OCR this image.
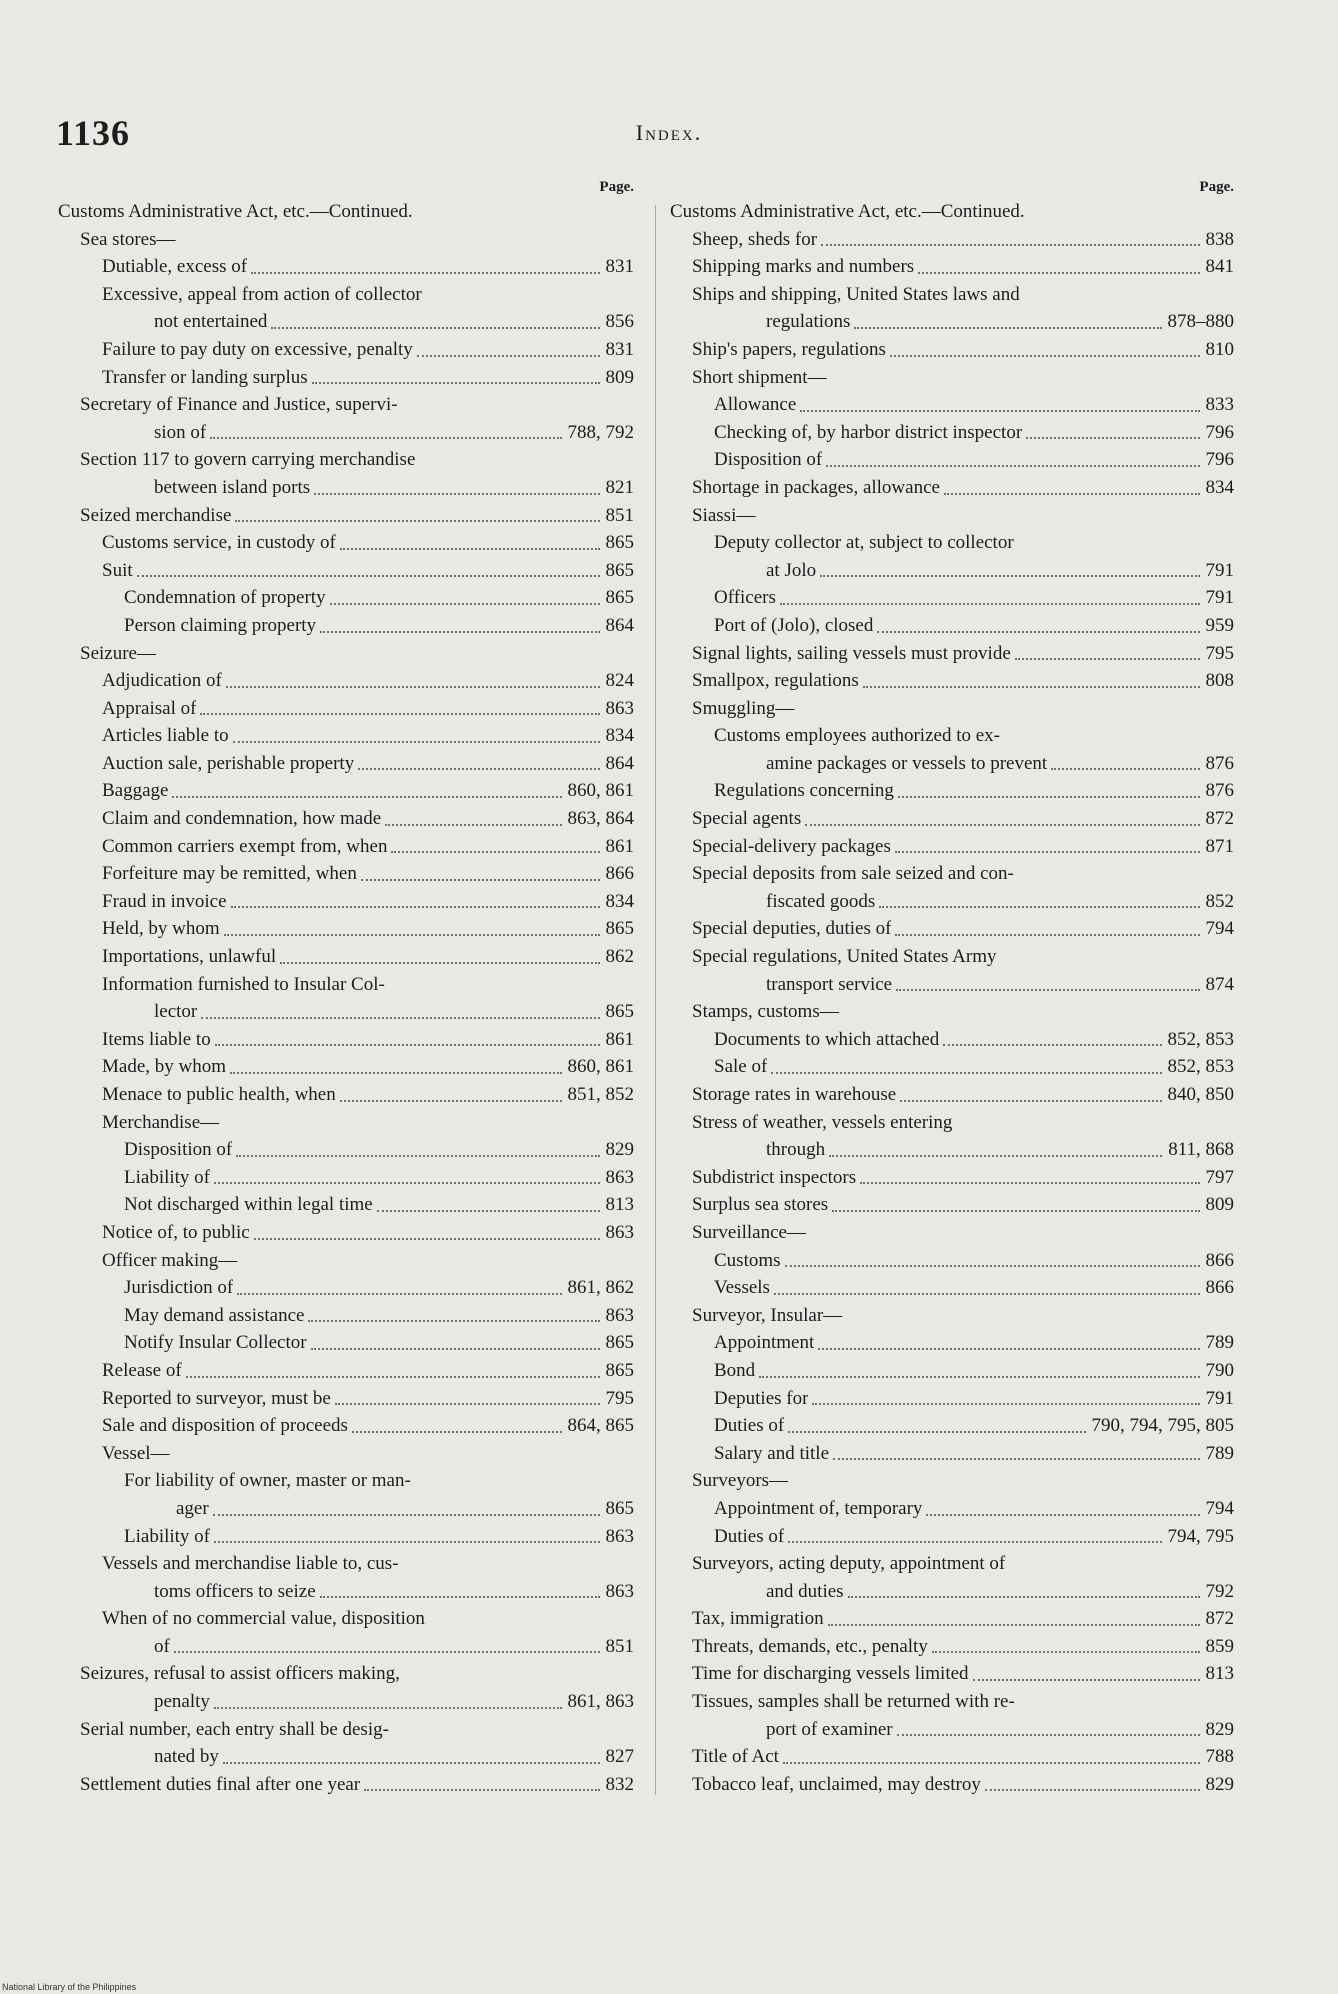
1136	Index.
Page.
Customs Administrative Act, etc.—Continued.
Sea stores—
Dutiable, excess of	831
Excessive, appeal from action of collector
not entertained	856
Failure to pay duty on excessive, penalty	831
Transfer or landing surplus	809
Secretary of Finance and Justice, supervi-
sion of	788, 792
Section 117 to govern carrying merchandise
between island ports	821
Seized merchandise	851
Customs service, in custody of	865
Suit	865
Condemnation of property	865
Person claiming property	864
Seizure—
Adjudication of	824
Appraisal of	863
Articles liable to	834
Auction sale, perishable property	864
Baggage	860, 861
Claim and condemnation, how made	863, 864
Common carriers exempt from, when	861
Forfeiture may be remitted, when	866
Fraud in invoice	834
Held, by whom	865
Importations, unlawful	862
Information furnished to Insular Col-
lector	865
Items liable to	861
Made, by whom	860, 861
Menace to public health, when	851, 852
Merchandise—
Disposition of	829
Liability of	863
Not discharged within legal time	813
Notice of, to public	863
Officer making—
Jurisdiction of	861, 862
May demand assistance	863
Notify Insular Collector	865
Release of	865
Reported to surveyor, must be	795
Sale and disposition of proceeds	864, 865
Vessel—
For liability of owner, master or man-
ager	865
Liability of	863
Vessels and merchandise liable to, cus-
toms officers to seize	863
When of no commercial value, disposition
of	851
Seizures, refusal to assist officers making,
penalty	861, 863
Serial number, each entry shall be desig-
nated by	827
Settlement duties final after one year	832
Page.
Customs Administrative Act, etc.—Continued.
Sheep, sheds for	838
Shipping marks and numbers	841
Ships and shipping, United States laws and
regulations	878–880
Ship's papers, regulations	810
Short shipment—
Allowance	833
Checking of, by harbor district inspector	796
Disposition of	796
Shortage in packages, allowance	834
Siassi—
Deputy collector at, subject to collector
at Jolo	791
Officers	791
Port of (Jolo), closed	959
Signal lights, sailing vessels must provide	795
Smallpox, regulations	808
Smuggling—
Customs employees authorized to ex-
amine packages or vessels to prevent	876
Regulations concerning	876
Special agents	872
Special-delivery packages	871
Special deposits from sale seized and con-
fiscated goods	852
Special deputies, duties of	794
Special regulations, United States Army
transport service	874
Stamps, customs—
Documents to which attached	852, 853
Sale of	852, 853
Storage rates in warehouse	840, 850
Stress of weather, vessels entering
through	811, 868
Subdistrict inspectors	797
Surplus sea stores	809
Surveillance—
Customs	866
Vessels	866
Surveyor, Insular—
Appointment	789
Bond	790
Deputies for	791
Duties of	790, 794, 795, 805
Salary and title	789
Surveyors—
Appointment of, temporary	794
Duties of	794, 795
Surveyors, acting deputy, appointment of
and duties	792
Tax, immigration	872
Threats, demands, etc., penalty	859
Time for discharging vessels limited	813
Tissues, samples shall be returned with re-
port of examiner	829
Title of Act	788
Tobacco leaf, unclaimed, may destroy	829
National Library of the Philippines
